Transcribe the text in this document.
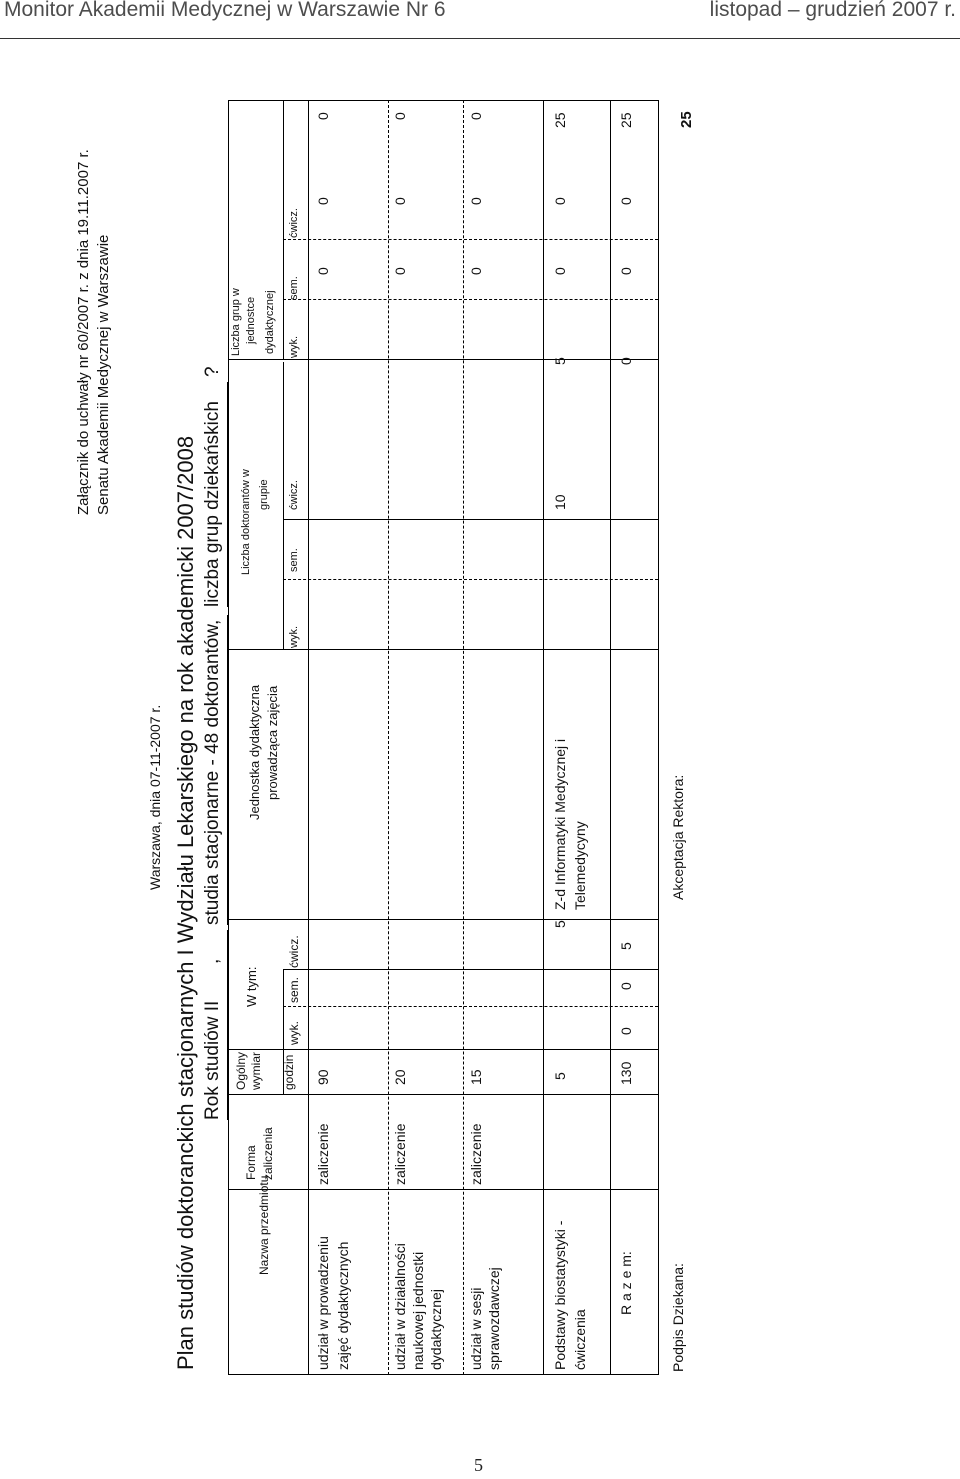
Monitor Akademii Medycznej w Warszawie Nr 6	listopad – grudzień 2007 r.
Załącznik do uchwały nr 60/2007 r. z dnia 19.11.2007 r. Senatu Akademii Medycznej w Warszawie
Warszawa, dnia 07-11-2007 r. Plan studiów doktoranckich stacjonarnych I Wydziału Lekarskiego na rok akademicki 2007/2008 Rok studiów II
,
studia stacjonarne - 48 doktorantów,
liczba grup dziekańskich
?
Nazwa przedmiotu
Forma zaliczenia
Ogólny wymiar godzin
W tym:
wyk.
sem.
ćwicz.
Jednostka dydaktyczna prowadząca zajęcia
Liczba doktorantów w grupie
wyk.
sem.
ćwicz.
Liczba grup w jednostce dydaktycznej wyk.
sem.
ćwicz.
udział w prowadzeniu zajęć dydaktycznych
zaliczenie
90
0
0
0
udział w działalności naukowej jednostki dydaktycznej
zaliczenie
20
0
0
0
udział w sesji sprawozdawczej
zaliczenie
15
0
0
0
Podstawy biostatystyki - ćwiczenia
5
5
Z-d Informatyki Medycznej i Telemedycyny
10
5
0
0
25
R a z e m:
130
0
0
5
0
0
0
25
Podpis Dziekana:
Akceptacja Rektora:
25
5
